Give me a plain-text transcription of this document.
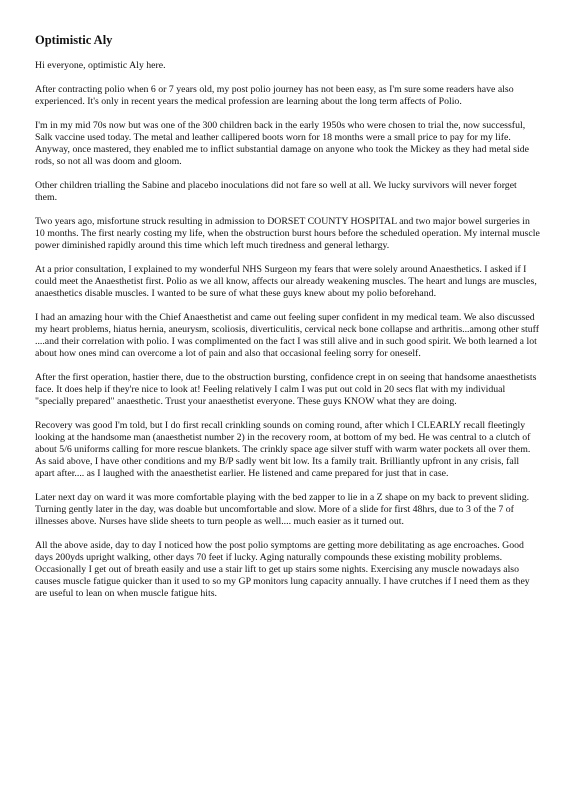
Optimistic Aly

Hi everyone, optimistic Aly here.

After contracting polio when 6 or 7 years old, my post polio journey has not been easy, as I'm sure some readers have also experienced. It's only in recent years the medical profession are learning about the long term affects of Polio.

I'm in my mid 70s now but was one of the 300 children back in the early 1950s who were chosen to trial the, now successful, Salk vaccine used today. The metal and leather callipered boots worn for 18 months were a small price to pay for my life. Anyway, once mastered, they enabled me to inflict substantial damage on anyone who took the Mickey as they had metal side rods, so not all was doom and gloom.

Other children trialling the Sabine and placebo inoculations did not fare so well at all. We lucky survivors will never forget them.

Two years ago, misfortune struck resulting in admission to DORSET COUNTY HOSPITAL and two major bowel surgeries in 10 months. The first nearly costing my life, when the obstruction burst hours before the scheduled operation. My internal muscle power diminished rapidly around this time which left much tiredness and general lethargy.

At a prior consultation, I explained to my wonderful NHS Surgeon my fears that were solely around Anaesthetics. I asked if I could meet the Anaesthetist first. Polio as we all know, affects our already weakening muscles. The heart and lungs are muscles, anaesthetics disable muscles. I wanted to be sure of what these guys knew about my polio beforehand.

I had an amazing hour with the Chief Anaesthetist and came out feeling super confident in my medical team. We also discussed my heart problems, hiatus hernia, aneurysm, scoliosis, diverticulitis, cervical neck bone collapse and arthritis...among other stuff ....and their correlation with polio. I was complimented on the fact I was still alive and in such good spirit. We both learned a lot about how ones mind can overcome a lot of pain and also that occasional feeling sorry for oneself.

After the first operation, hastier there, due to the obstruction bursting, confidence crept in on seeing that handsome anaesthetists face. It does help if they're nice to look at! Feeling relatively I calm I was put out cold in 20 secs flat with my individual "specially prepared" anaesthetic. Trust your anaesthetist everyone. These guys KNOW what they are doing.

Recovery was good I'm told, but I do first recall crinkling sounds on coming round, after which I CLEARLY recall fleetingly looking at the handsome man (anaesthetist number 2) in the recovery room, at bottom of my bed. He was central to a clutch of about 5/6 uniforms calling for more rescue blankets. The crinkly space age silver stuff with warm water pockets all over them. As said above, I have other conditions and my B/P sadly went bit low. Its a family trait. Brilliantly upfront in any crisis, fall apart after.... as I laughed with the anaesthetist earlier. He listened and came prepared for just that in case.

Later next day on ward it was more comfortable playing with the bed zapper to lie in a Z shape on my back to prevent sliding. Turning gently later in the day, was doable but uncomfortable and slow. More of a slide for first 48hrs, due to 3 of the 7 of illnesses above. Nurses have slide sheets to turn people as well.... much easier as it turned out.

All the above aside, day to day I noticed how the post polio symptoms are getting more debilitating as age encroaches. Good days 200yds upright walking, other days 70 feet if lucky. Aging naturally compounds these existing mobility problems. Occasionally I get out of breath easily and use a stair lift to get up stairs some nights. Exercising any muscle nowadays also causes muscle fatigue quicker than it used to so my GP monitors lung capacity annually. I have crutches if I need them as they are useful to lean on when muscle fatigue hits.
